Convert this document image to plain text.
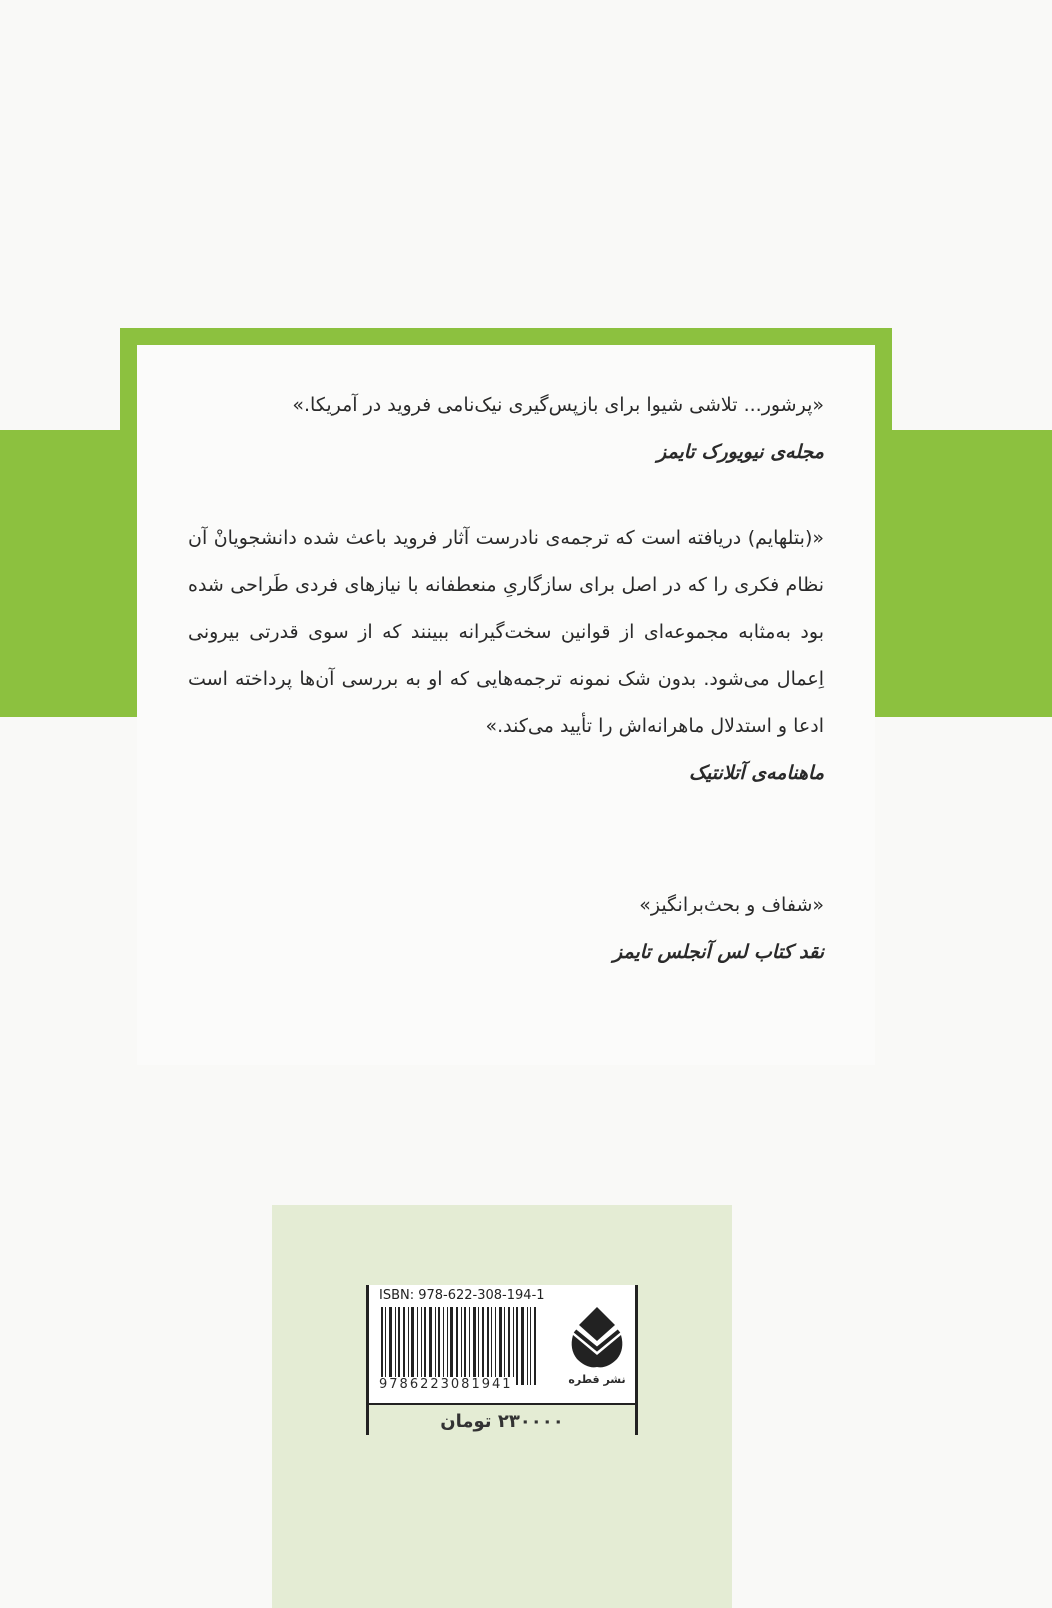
«پرشور... تلاشی شیوا برای بازپس‌گیری نیک‌نامی فروید در آمریکا.»
مجله‌ی نیویورک تایمز
«(بتلهایم) دریافته است که ترجمه‌ی نادرست آثار فروید باعث شده دانشجویانْ آن نظام فکری را که در اصل برای سازگاریِ منعطفانه با نیازهای فردی طَراحی شده بود به‌مثابه مجموعه‌ای از قوانین سخت‌گیرانه ببینند که از سوی قدرتی بیرونی اِعمال می‌شود. بدون شک نمونه ترجمه‌هایی که او به بررسی آن‌ها پرداخته است ادعا و استدلال ماهرانه‌اش را تأیید می‌کند.»
ماهنامه‌ی آتلانتیک
«شفاف و بحث‌برانگیز»
نقد کتاب لس آنجلس تایمز
ISBN: 978-622-308-194-1
9786223081941	نشر قطره
۲۳۰۰۰۰ تومان
